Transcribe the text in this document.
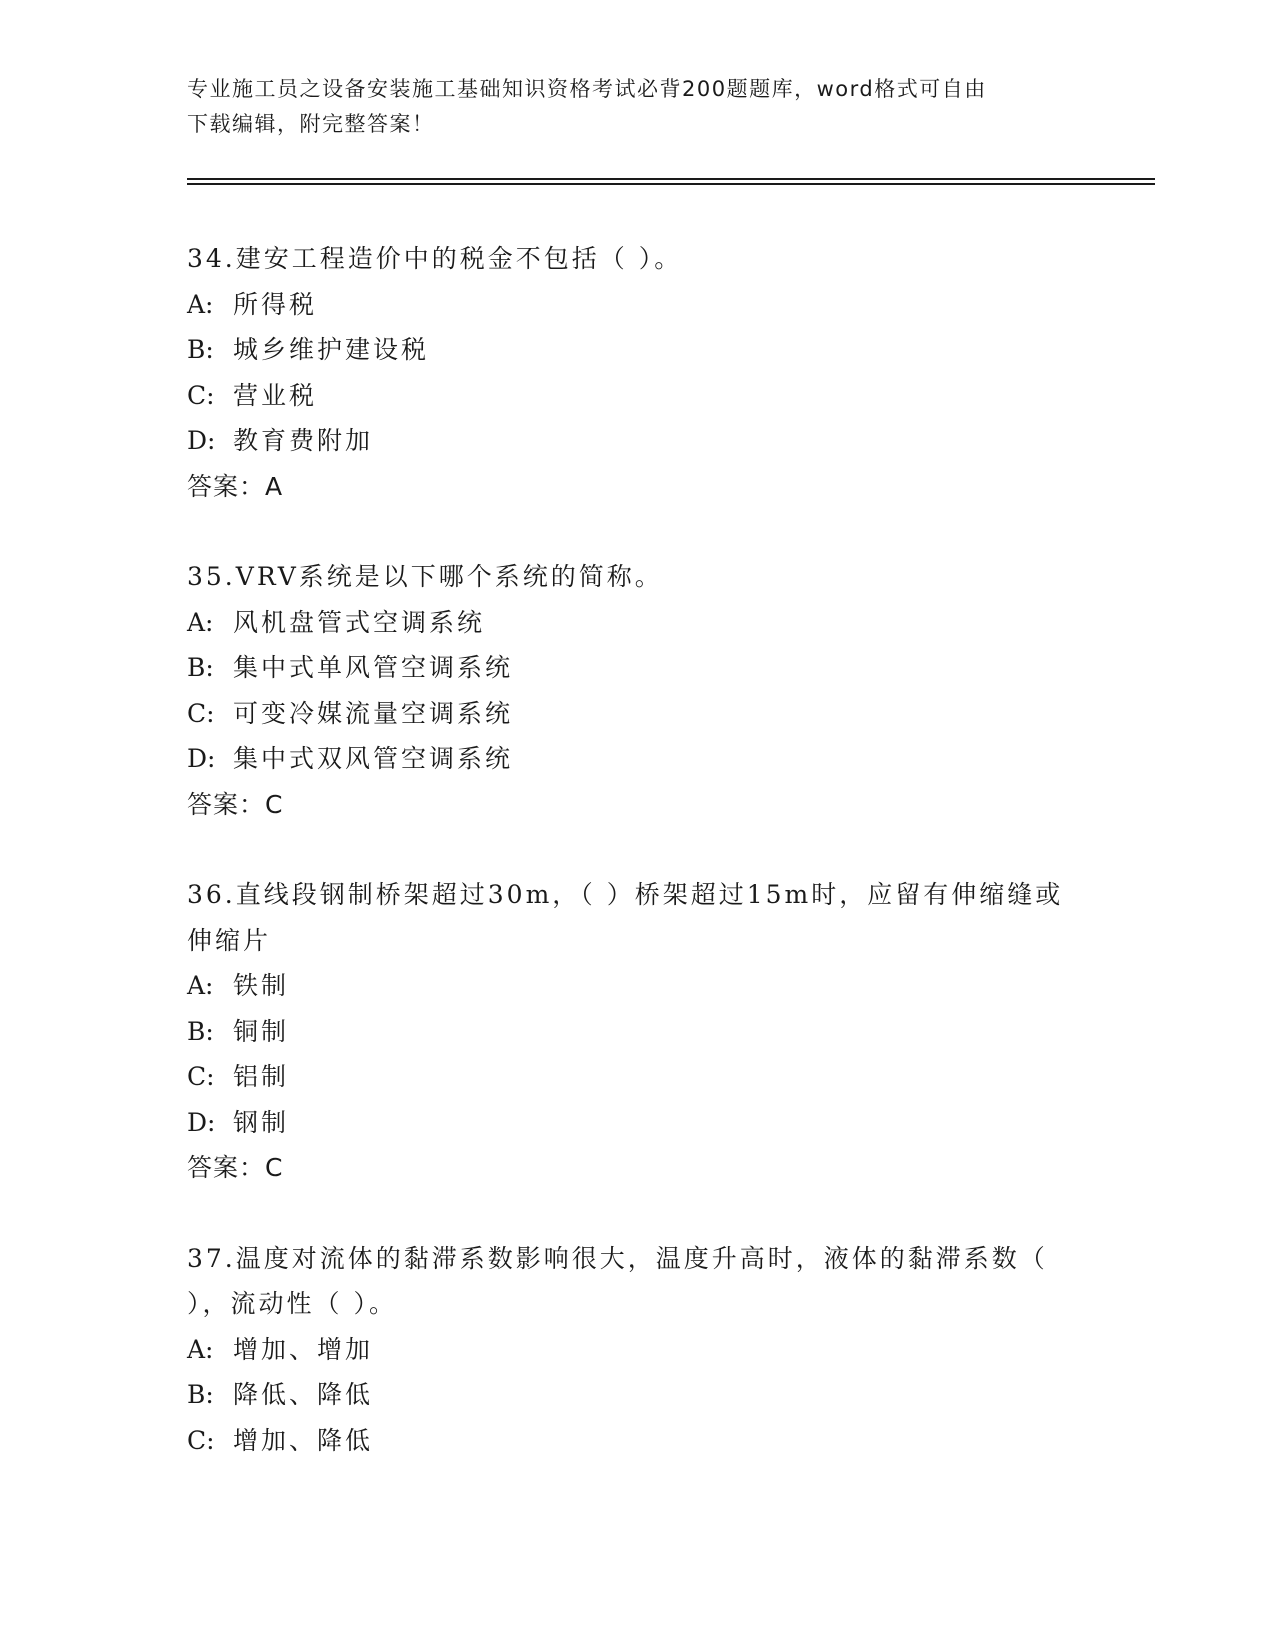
专业施工员之设备安装施工基础知识资格考试必背200题题库，word格式可自由
下载编辑，附完整答案！

34.建安工程造价中的税金不包括（ ）。

A: 所得税

B: 城乡维护建设税

C: 营业税

D: 教育费附加

答案：A

35.VRV系统是以下哪个系统的简称。

A: 风机盘管式空调系统

B: 集中式单风管空调系统

C: 可变冷媒流量空调系统

D: 集中式双风管空调系统

答案：C

36.直线段钢制桥架超过30m，（ ）桥架超过15m时，应留有伸缩缝或

伸缩片

A: 铁制

B: 铜制

C: 铝制

D: 钢制

答案：C

37.温度对流体的黏滞系数影响很大，温度升高时，液体的黏滞系数（

），流动性（ ）。

A: 增加、增加

B: 降低、降低

C: 增加、降低
